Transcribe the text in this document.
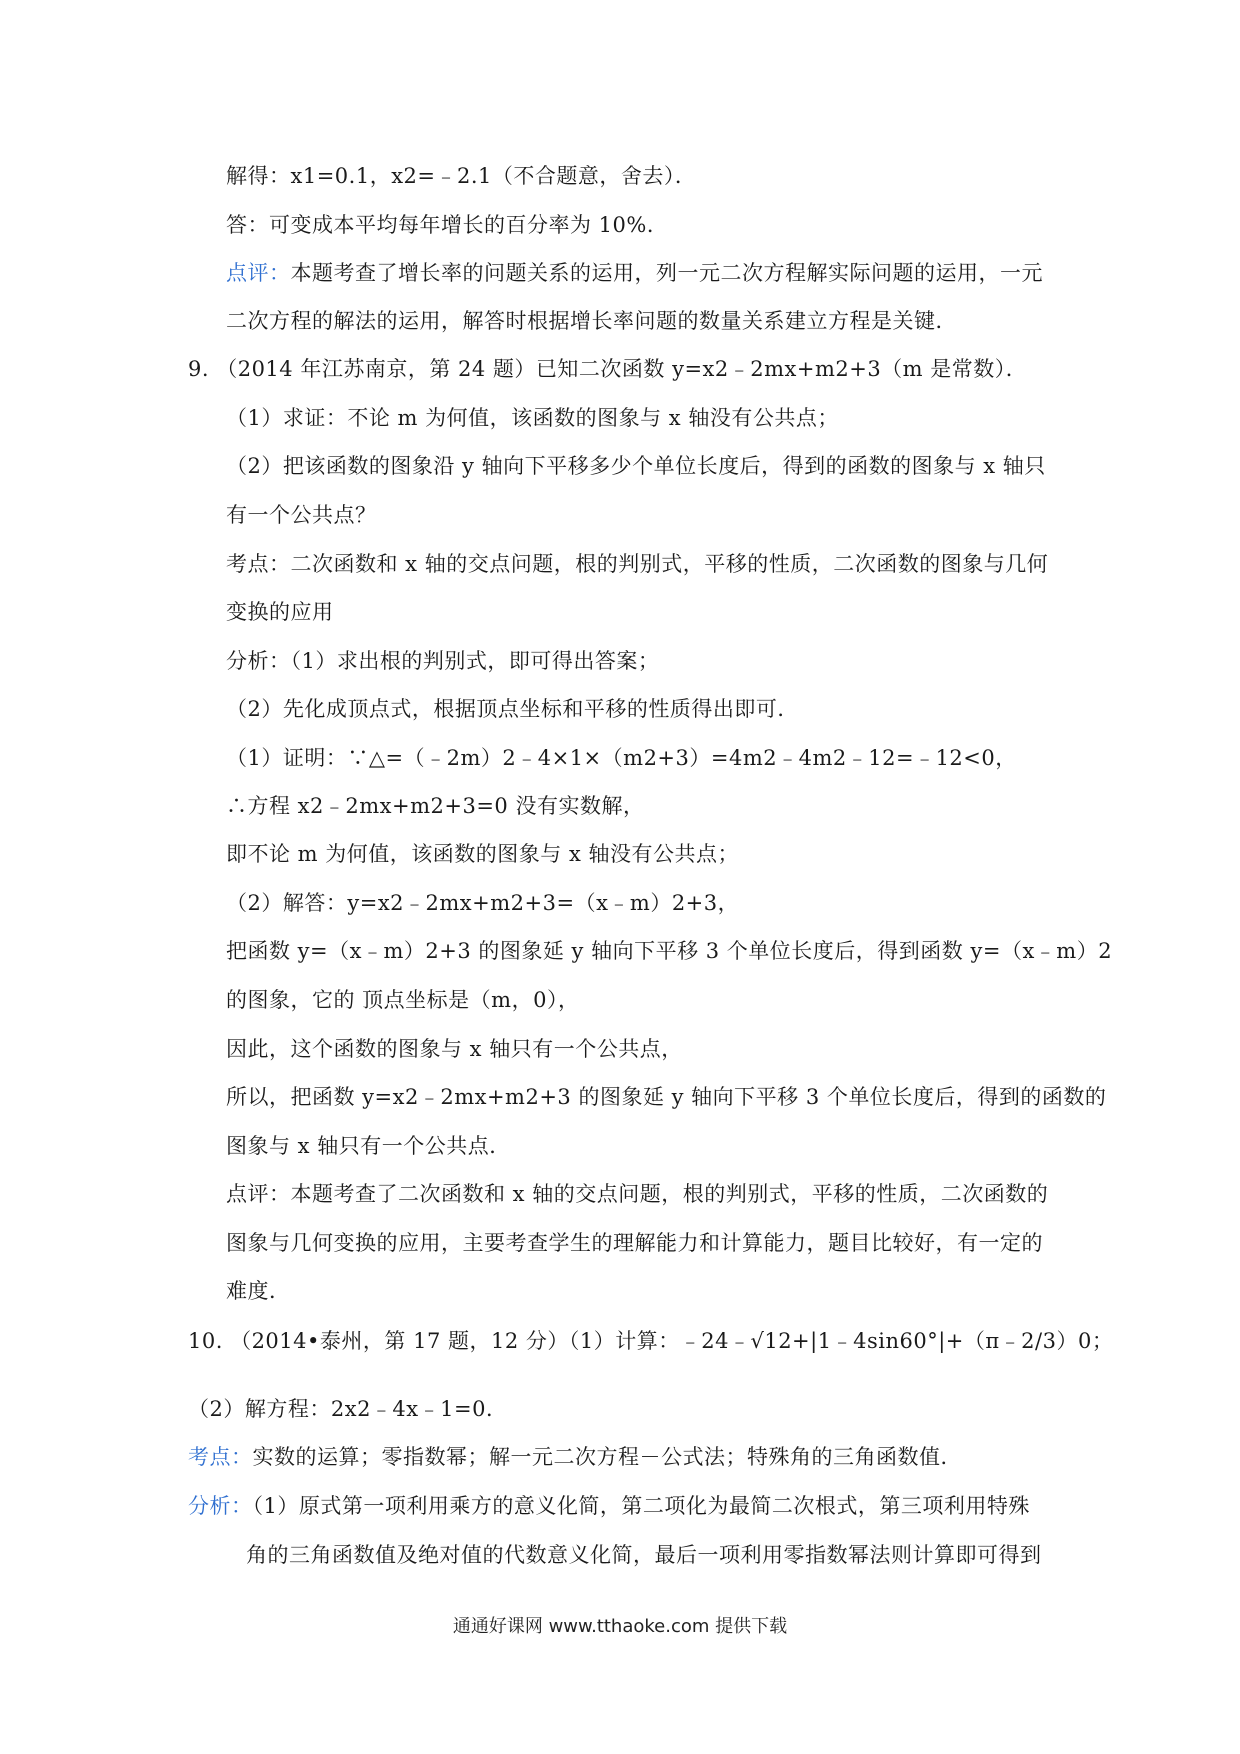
解得：x1=0.1，x2=﹣2.1（不合题意，舍去）．
答：可变成本平均每年增长的百分率为 10%．
点评：本题考查了增长率的问题关系的运用，列一元二次方程解实际问题的运用，一元
二次方程的解法的运用，解答时根据增长率问题的数量关系建立方程是关键．
9. （2014 年江苏南京，第 24 题）已知二次函数 y=x2﹣2mx+m2+3（m 是常数）．
（1）求证：不论 m 为何值，该函数的图象与 x 轴没有公共点；
（2）把该函数的图象沿 y 轴向下平移多少个单位长度后，得到的函数的图象与 x 轴只
有一个公共点？
考点：二次函数和 x 轴的交点问题，根的判别式，平移的性质，二次函数的图象与几何
变换的应用
分析：（1）求出根的判别式，即可得出答案；
（2）先化成顶点式，根据顶点坐标和平移的性质得出即可．
（1）证明：∵△=（﹣2m）2﹣4×1×（m2+3）=4m2﹣4m2﹣12=﹣12<0，
∴方程 x2﹣2mx+m2+3=0 没有实数解，
即不论 m 为何值，该函数的图象与 x 轴没有公共点；
（2）解答：y=x2﹣2mx+m2+3=（x﹣m）2+3，
把函数 y=（x﹣m）2+3 的图象延 y 轴向下平移 3 个单位长度后，得到函数 y=（x﹣m）2
的图象，它的 顶点坐标是（m，0），
因此，这个函数的图象与 x 轴只有一个公共点，
所以，把函数 y=x2﹣2mx+m2+3 的图象延 y 轴向下平移 3 个单位长度后，得到的函数的
图象与 x 轴只有一个公共点．
点评：本题考查了二次函数和 x 轴的交点问题，根的判别式，平移的性质，二次函数的
图象与几何变换的应用，主要考查学生的理解能力和计算能力，题目比较好，有一定的
难度．
10. （2014•泰州，第 17 题，12 分）（1）计算：﹣24﹣√12+|1﹣4sin60°|+（π﹣2/3）0；
（2）解方程：2x2﹣4x﹣1=0．
考点：实数的运算；零指数幂；解一元二次方程－公式法；特殊角的三角函数值．
分析：（1）原式第一项利用乘方的意义化简，第二项化为最简二次根式，第三项利用特殊
角的三角函数值及绝对值的代数意义化简，最后一项利用零指数幂法则计算即可得到
通通好课网 www.tthaoke.com 提供下载
